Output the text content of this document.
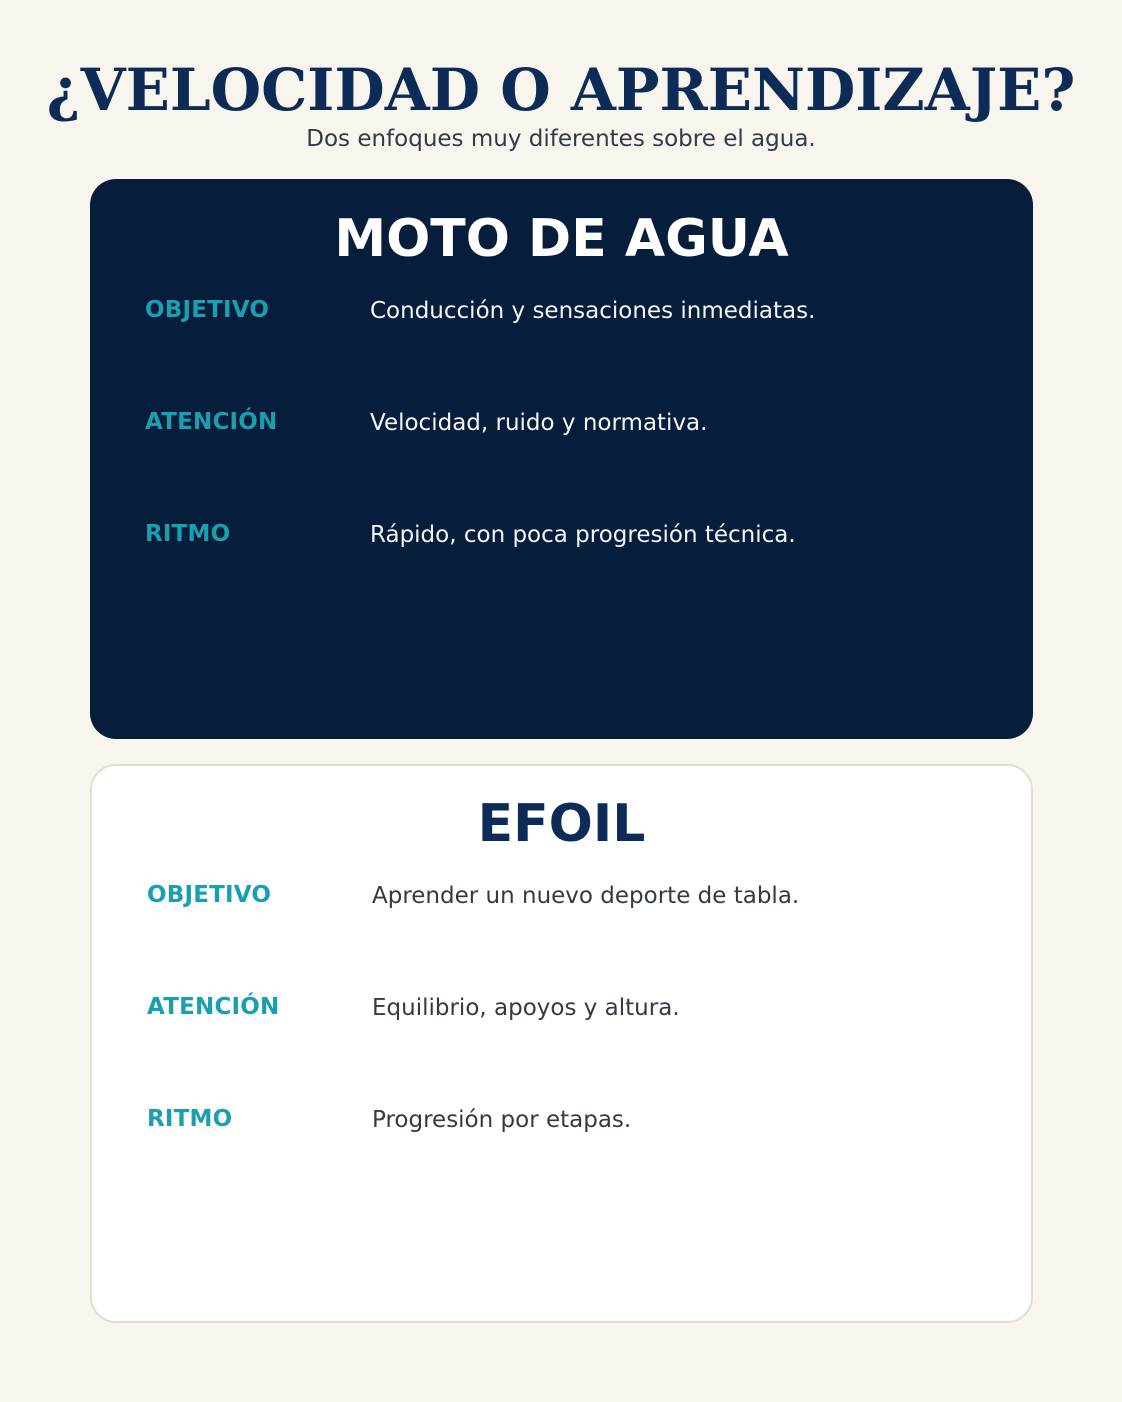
¿VELOCIDAD O APRENDIZAJE?
Dos enfoques muy diferentes sobre el agua.
MOTO DE AGUA
OBJETIVO	Conducción y sensaciones inmediatas.
ATENCIÓN	Velocidad, ruido y normativa.
RITMO	Rápido, con poca progresión técnica.
EFOIL
OBJETIVO	Aprender un nuevo deporte de tabla.
ATENCIÓN	Equilibrio, apoyos y altura.
RITMO	Progresión por etapas.
